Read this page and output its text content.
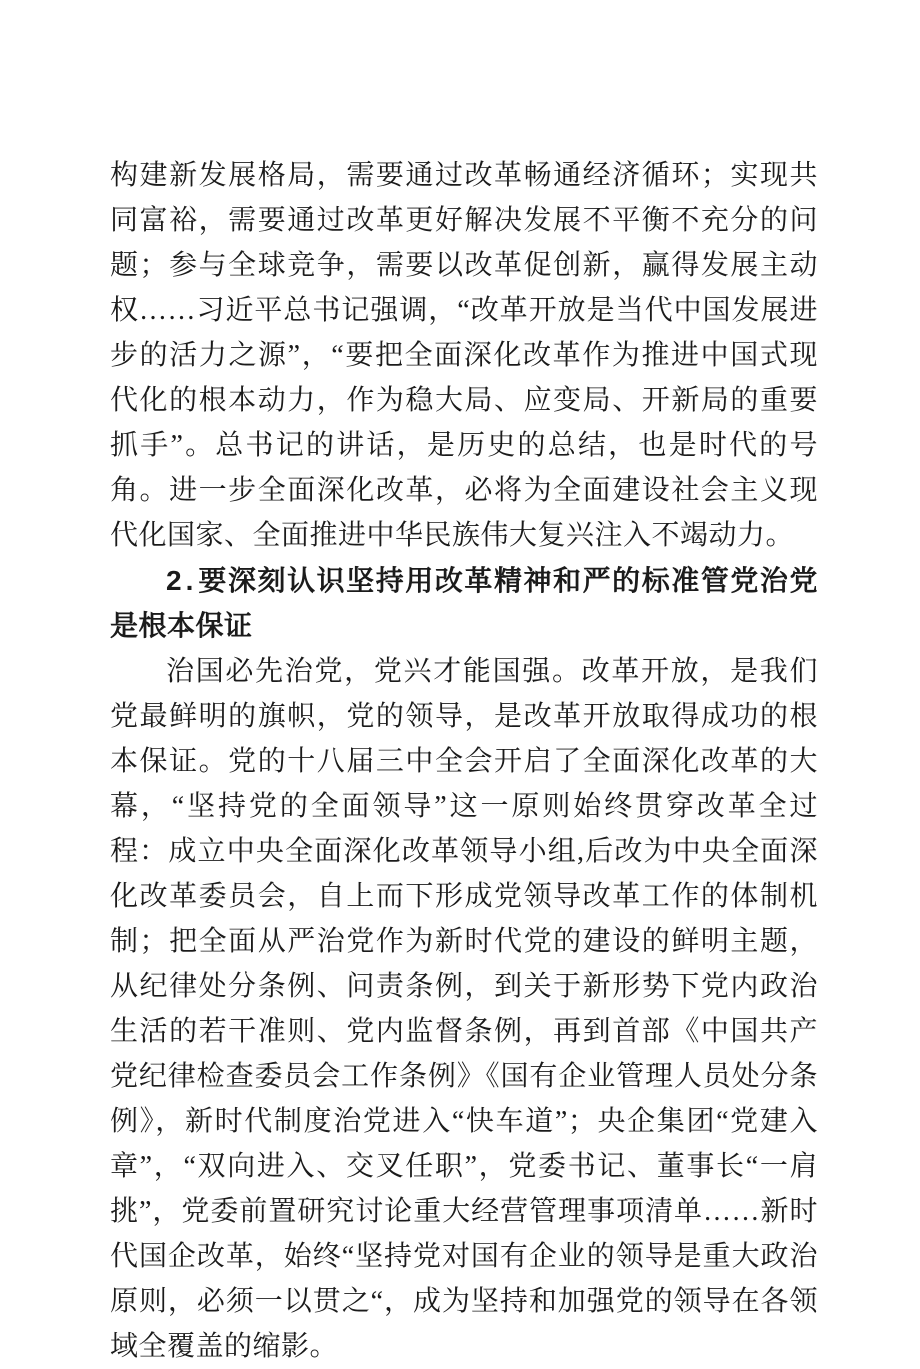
构建新发展格局，需要通过改革畅通经济循环；实现共同富裕，需要通过改革更好解决发展不平衡不充分的问题；参与全球竞争，需要以改革促创新，赢得发展主动权……习近平总书记强调，“改革开放是当代中国发展进步的活力之源”，“要把全面深化改革作为推进中国式现代化的根本动力，作为稳大局、应变局、开新局的重要抓手”。总书记的讲话，是历史的总结，也是时代的号角。进一步全面深化改革，必将为全面建设社会主义现代化国家、全面推进中华民族伟大复兴注入不竭动力。

2.要深刻认识坚持用改革精神和严的标准管党治党是根本保证

治国必先治党，党兴才能国强。改革开放，是我们党最鲜明的旗帜，党的领导，是改革开放取得成功的根本保证。党的十八届三中全会开启了全面深化改革的大幕，“坚持党的全面领导”这一原则始终贯穿改革全过程：成立中央全面深化改革领导小组,后改为中央全面深化改革委员会，自上而下形成党领导改革工作的体制机制；把全面从严治党作为新时代党的建设的鲜明主题，从纪律处分条例、问责条例，到关于新形势下党内政治生活的若干准则、党内监督条例，再到首部《中国共产党纪律检查委员会工作条例》《国有企业管理人员处分条例》，新时代制度治党进入“快车道”；央企集团“党建入章”，“双向进入、交叉任职”，党委书记、董事长“一肩挑”，党委前置研究讨论重大经营管理事项清单……新时代国企改革，始终“坚持党对国有企业的领导是重大政治原则，必须一以贯之“，成为坚持和加强党的领导在各领域全覆盖的缩影。
